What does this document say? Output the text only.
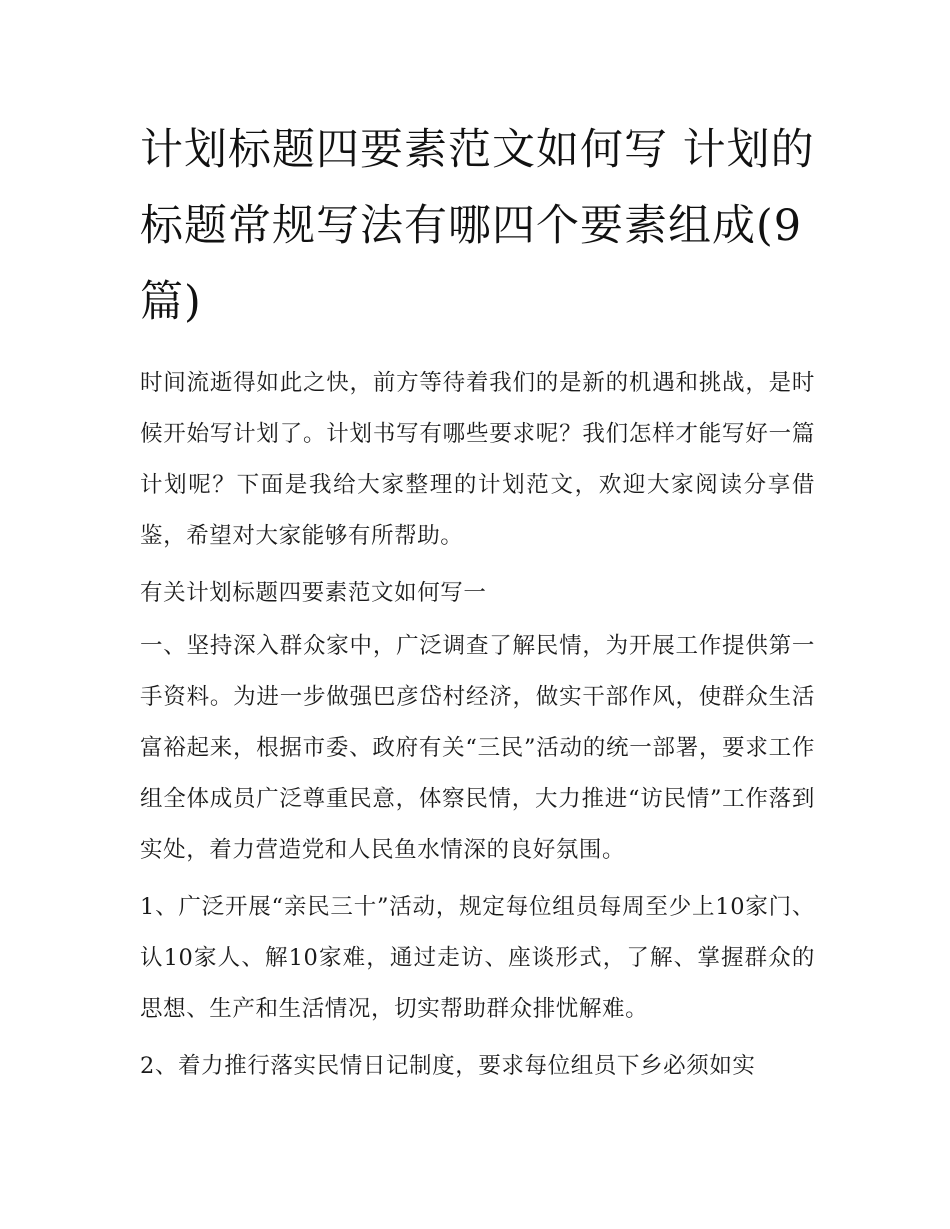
计划标题四要素范文如何写 计划的标题常规写法有哪四个要素组成(9篇)

时间流逝得如此之快，前方等待着我们的是新的机遇和挑战，是时候开始写计划了。计划书写有哪些要求呢？我们怎样才能写好一篇计划呢？下面是我给大家整理的计划范文，欢迎大家阅读分享借鉴，希望对大家能够有所帮助。

有关计划标题四要素范文如何写一

一、坚持深入群众家中，广泛调查了解民情，为开展工作提供第一手资料。为进一步做强巴彦岱村经济，做实干部作风，使群众生活富裕起来，根据市委、政府有关“三民”活动的统一部署，要求工作组全体成员广泛尊重民意，体察民情，大力推进“访民情”工作落到实处，着力营造党和人民鱼水情深的良好氛围。

1、广泛开展“亲民三十”活动，规定每位组员每周至少上10家门、认10家人、解10家难，通过走访、座谈形式，了解、掌握群众的思想、生产和生活情况，切实帮助群众排忧解难。

2、着力推行落实民情日记制度，要求每位组员下乡必须如实
